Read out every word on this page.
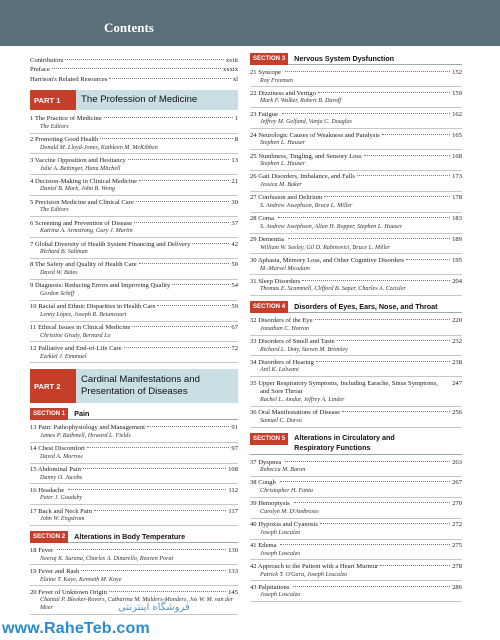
Contents
Contributors	xviii
Preface	xxxix
Harrison's Related Resources	xl
PART 1	The Profession of Medicine
1 The Practice of Medicine	1
The Editors
2 Promoting Good Health	8
Donald M. Lloyd-Jones, Kathleen M. McKibben
3 Vaccine Opposition and Hesitancy	13
Julie A. Bettinger, Hana Mitchell
4 Decision-Making in Clinical Medicine	21
Daniel B. Mark, John B. Wong
5 Precision Medicine and Clinical Care	30
The Editors
6 Screening and Prevention of Disease	37
Katrina A. Armstrong, Gary J. Martin
7 Global Diversity of Health System Financing and Delivery	42
Richard B. Saltman
8 The Safety and Quality of Health Care	50
David W. Bates
9 Diagnosis: Reducing Errors and Improving Quality	54
Gordon Schiff
10 Racial and Ethnic Disparities in Health Care	59
Lenny López, Joseph R. Betancourt
11 Ethical Issues in Clinical Medicine	67
Christine Grady, Bernard Lo
12 Palliative and End-of-Life Care	72
Ezekiel J. Emanuel
PART 2
Cardinal Manifestations and
Presentation of Diseases
SECTION 1	Pain
13 Pain: Pathophysiology and Management	91
James P. Rathmell, Howard L. Fields
14 Chest Discomfort	97
David A. Morrow
15 Abdominal Pain	108
Danny O. Jacobs
16 Headache	112
Peter J. Goadsby
17 Back and Neck Pain	117
John W. Engstrom
SECTION 2	Alterations in Body Temperature
18 Fever	130
Neeraj K. Surana, Charles A. Dinarello, Reuven Porat
19 Fever and Rash	133
Elaine T. Kaye, Kenneth M. Kaye
20 Fever of Unknown Origin	145
Chantal P. Bleeker-Rovers, Catharina M. Mulders-Manders, Jos W. M. van der Meer
SECTION 3	Nervous System Dysfunction
21 Syncope	152
Roy Freeman
22 Dizziness and Vertigo	159
Mark F. Walker, Robert B. Daroff
23 Fatigue	162
Jeffrey M. Gelfand, Vanja C. Douglas
24 Neurologic Causes of Weakness and Paralysis	165
Stephen L. Hauser
25 Numbness, Tingling, and Sensory Loss	168
Stephen L. Hauser
26 Gait Disorders, Imbalance, and Falls	173
Jessica M. Baker
27 Confusion and Delirium	178
S. Andrew Josephson, Bruce L. Miller
28 Coma	183
S. Andrew Josephson, Allan H. Ropper, Stephen L. Hauser
29 Dementia	189
William W. Seeley, Gil D. Rabinovici, Bruce L. Miller
30 Aphasia, Memory Loss, and Other Cognitive Disorders	195
M.-Marsel Mesulam
31 Sleep Disorders	204
Thomas E. Scammell, Clifford B. Saper, Charles A. Czeisler
SECTION 4	Disorders of Eyes, Ears, Nose, and Throat
32 Disorders of the Eye	220
Jonathan C. Horton
33 Disorders of Smell and Taste	232
Richard L. Doty, Steven M. Bromley
34 Disorders of Hearing	238
Anil K. Lalwani
35 Upper Respiratory Symptoms, Including Earache, Sinus Symptoms, and Sore Throat
247
Rachel L. Amdur, Jeffrey A. Linder
36 Oral Manifestations of Disease	256
Samuel C. Durso
SECTION 5	Alterations in Circulatory and
Respiratory Functions
37 Dyspnea	263
Rebecca M. Baron
38 Cough	267
Christopher H. Fanta
39 Hemoptysis	270
Carolyn M. D'Ambrosio
40 Hypoxia and Cyanosis	272
Joseph Loscalzo
41 Edema	275
Joseph Loscalzo
42 Approach to the Patient with a Heart Murmur	278
Patrick T. O'Gara, Joseph Loscalzo
43 Palpitations	286
Joseph Loscalzo
فروشگاه اینترنتی
www.RaheTeb.com
